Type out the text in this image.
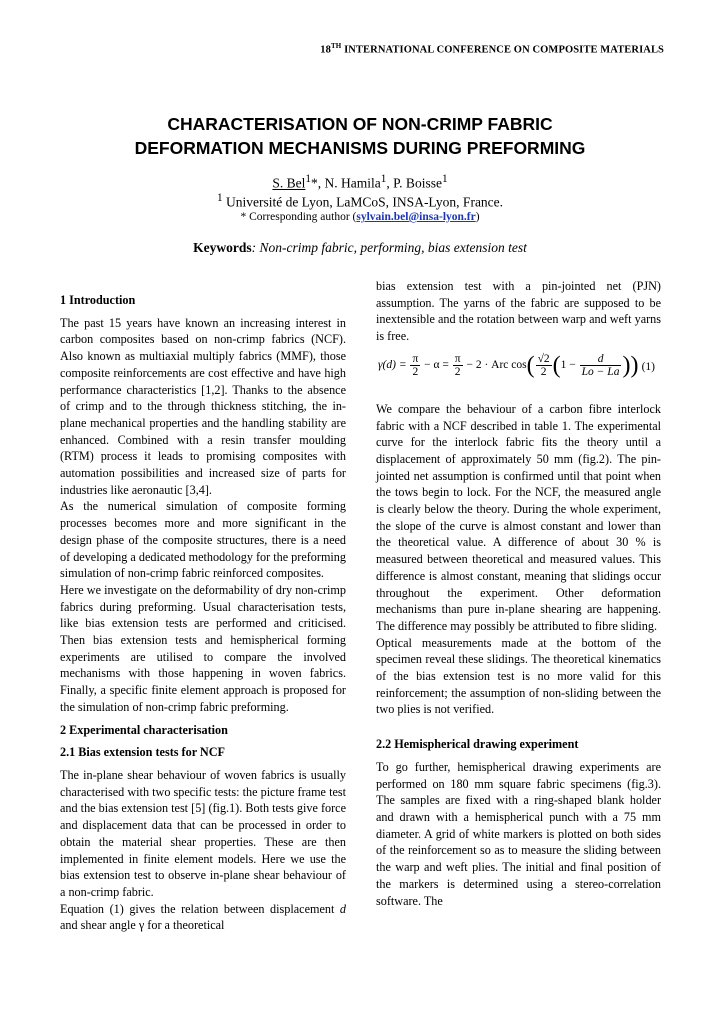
18TH INTERNATIONAL CONFERENCE ON COMPOSITE MATERIALS
CHARACTERISATION OF NON-CRIMP FABRIC
DEFORMATION MECHANISMS DURING PREFORMING
S. Bel$^1$*, N. Hamila$^1$, P. Boisse$^1$
$^1$ Université de Lyon, LaMCoS, INSA-Lyon, France.
* Corresponding author (sylvain.bel@insa-lyon.fr)
Keywords: Non-crimp fabric, performing, bias extension test

1 Introduction

The past 15 years have known an increasing interest in carbon composites based on non-crimp fabrics (NCF). Also known as multiaxial multiply fabrics (MMF), those composite reinforcements are cost effective and have high performance characteristics [1,2]. Thanks to the absence of crimp and to the through thickness stitching, the in-plane mechanical properties and the handling stability are enhanced. Combined with a resin transfer moulding (RTM) process it leads to promising composites with automation possibilities and increased size of parts for industries like aeronautic [3,4].

As the numerical simulation of composite forming processes becomes more and more significant in the design phase of the composite structures, there is a need of developing a dedicated methodology for the preforming simulation of non-crimp fabric reinforced composites.

Here we investigate on the deformability of dry non-crimp fabrics during preforming. Usual characterisation tests, like bias extension tests are performed and criticised. Then bias extension tests and hemispherical forming experiments are utilised to compare the involved mechanisms with those happening in woven fabrics. Finally, a specific finite element approach is proposed for the simulation of non-crimp fabric preforming.

2 Experimental characterisation

2.1 Bias extension tests for NCF

The in-plane shear behaviour of woven fabrics is usually characterised with two specific tests: the picture frame test and the bias extension test [5] (fig.1). Both tests give force and displacement data that can be processed in order to obtain the material shear properties. These are then implemented in finite element models. Here we use the bias extension test to observe in-plane shear behaviour of a non-crimp fabric.

Equation (1) gives the relation between displacement d and shear angle γ for a theoretical

bias extension test with a pin-jointed net (PJN) assumption. The yarns of the fabric are supposed to be inextensible and the rotation between warp and weft yarns is free.

$\gamma(d) = \frac{\pi}{2} - \alpha = \frac{\pi}{2} - 2$ · Arc $\cos( \frac{√2}{2} (1 - \frac{d}{Lo - La}$ )) (1)

We compare the behaviour of a carbon fibre interlock fabric with a NCF described in table 1. The experimental curve for the interlock fabric fits the theory until a displacement of approximately 50 mm (fig.2). The pin-jointed net assumption is confirmed until that point when the tows begin to lock. For the NCF, the measured angle is clearly below the theory. During the whole experiment, the slope of the curve is almost constant and lower than the theoretical value. A difference of about 30 % is measured between theoretical and measured values. This difference is almost constant, meaning that slidings occur throughout the experiment. Other deformation mechanisms than pure in-plane shearing are happening. The difference may possibly be attributed to fibre sliding.

Optical measurements made at the bottom of the specimen reveal these slidings. The theoretical kinematics of the bias extension test is no more valid for this reinforcement; the assumption of non-sliding between the two plies is not verified.

2.2 Hemispherical drawing experiment

To go further, hemispherical drawing experiments are performed on 180 mm square fabric specimens (fig.3). The samples are fixed with a ring-shaped blank holder and drawn with a hemispherical punch with a 75 mm diameter. A grid of white markers is plotted on both sides of the reinforcement so as to measure the sliding between the warp and weft plies. The initial and final position of the markers is determined using a stereo-correlation software. The
